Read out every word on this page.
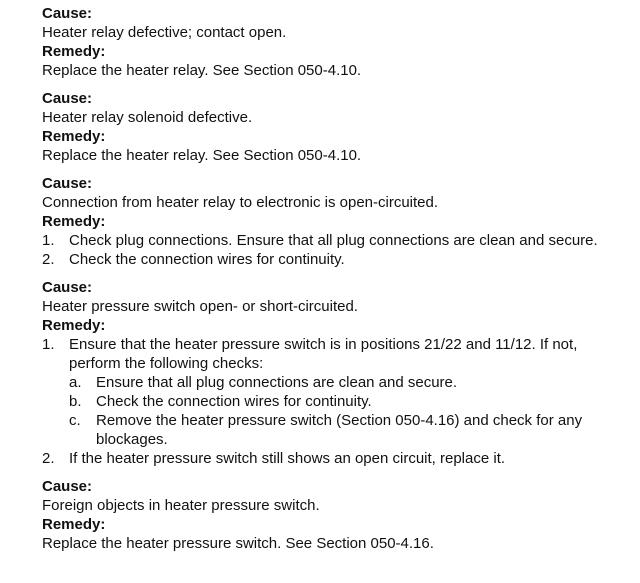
Cause:
Heater relay defective; contact open.
Remedy:
Replace the heater relay. See Section 050-4.10.
Cause:
Heater relay solenoid defective.
Remedy:
Replace the heater relay. See Section 050-4.10.
Cause:
Connection from heater relay to electronic is open-circuited.
Remedy:
1. Check plug connections. Ensure that all plug connections are clean and secure.
2. Check the connection wires for continuity.
Cause:
Heater pressure switch open- or short-circuited.
Remedy:
1. Ensure that the heater pressure switch is in positions 21/22 and 11/12. If not, perform the following checks:
a. Ensure that all plug connections are clean and secure.
b. Check the connection wires for continuity.
c. Remove the heater pressure switch (Section 050-4.16) and check for any blockages.
2. If the heater pressure switch still shows an open circuit, replace it.
Cause:
Foreign objects in heater pressure switch.
Remedy:
Replace the heater pressure switch. See Section 050-4.16.
